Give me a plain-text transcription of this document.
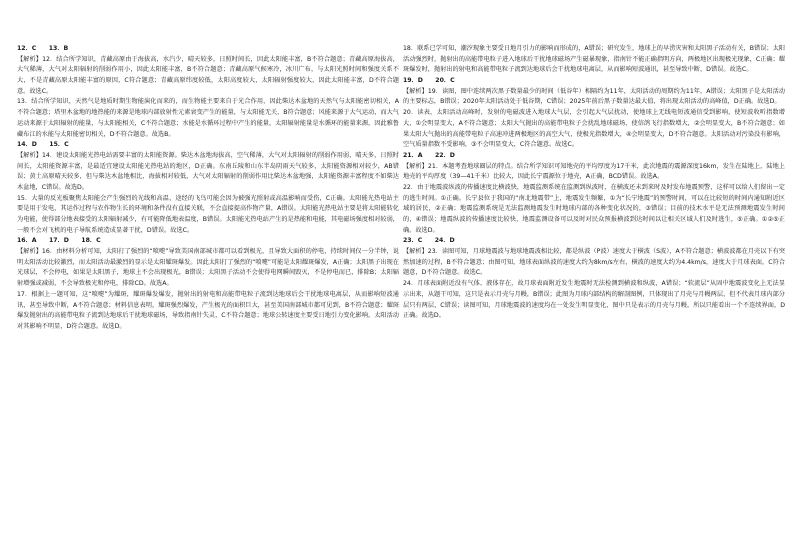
12．C　　13．B

【解析】12．结合所学知识，青藏高原由于海拔高，水汽少，晴天较多，日照时间长，因此太阳能丰富，B不符合题意；青藏高原海拔高，大气稀薄，大气对太阳辐射的削弱作用小，因此太阳能丰富，B不符合题意；青藏高原气候寒冷，冰川广布，与太阳光照时间和强度关系不大，不是青藏高原太阳能丰富的原因，C符合题意；青藏高原纬度较低，太阳高度较大，太阳辐射强度较大，因此太阳能丰富，D不符合题意。故选C。

13．结合所学知识，天然气是地质时期生物能演化而来的，而生物能主要来自于光合作用，因此柴达木盆地的天然气与太阳能密切相关，A不符合题意；塔里木盆地的地热能的来源是地球内部放射性元素衰变产生的能量，与太阳能无关，B符合题意；风能来源于大气运动，而大气运动来源于太阳辐射的能量，与太阳能相关，C不符合题意；水能是水循环过程中产生的能量，太阳辐射能量是水循环的能量来源，因此雅鲁藏布江的水能与太阳能密切相关，D不符合题意。故选B。

14．D　　15．C

【解析】14．建设太阳能光热电站需要丰富的太阳能资源。柴达木盆地海拔高，空气稀薄，大气对太阳辐射的削弱作用弱，晴天多，日照时间长，太阳能资源丰富，是最适宜建设太阳能光热电站的地区，D正确。东南丘陵和山东半岛阴雨天气较多，太阳能资源相对较少，AB错误；黄土高原晴天较多，但与柴达木盆地相比，海拔相对较低，大气对太阳辐射的削弱作用比柴达木盆地强，太阳能资源丰富程度不如柴达木盆地，C错误。故选D。

15．大量的反光板聚焦太阳能会产生强烈的光线和高温，途经的飞鸟可能会因为被强光照射或高温影响而受伤，C正确。太阳能光热电站主要是用于发电，其运作过程与农作物生长的环境和条件没有直接关联，不会直接提高作物产量，A错误。太阳能光热电站主要是将太阳能转化为电能，使得部分地表接受的太阳辐射减少，有可能降低地表温度，B错误。太阳能光热电站产生的是热能和电能，其电磁场强度相对较弱，一般不会对飞机的电子导航系统造成显著干扰，D错误。故选C。

16．A　　17．D　　18．C

【解析】16．由材料分析可知，太阳打了强烈的“喷嚏”导致美国南部城市都可以看到极光，且导致大面积的停电，持续时间仅一分半钟，说明太阳活动比较激烈，而太阳活动最激烈的显示是太阳耀斑爆发。因此太阳打了强烈的“喷嚏”可能是太阳耀斑爆发，A正确；太阳黑子出现在光球层，不会停电，如果是太阳黑子，地球上不会出现极光，B错误；太阳黑子活动不会使得电网瞬间毁灭，不是停电而已，排除B；太阳辐射增强或减弱，不会导致极光和停电，排除CD。故选A。

17．根据上一题可知，这“喷嚏”为耀斑，耀斑爆发爆发，抛射出的射电和高能带电粒子流到达地球后会干扰地球电离层，从而影响短波通讯，甚至导致中断，A不符合题意；材料信息表明，耀斑强烈爆发，产生极光的面积巨大，甚至美国南部城市都可见到，B不符合题意；耀斑爆发抛射出的高能带电粒子流到达地球后干扰地球磁场，导致指南针失灵，C不符合题意；地球公转速度主要受日地引力变化影响，太阳活动对其影响不明显，D符合题意。故选D。

18．联系已学可知，潮汐现象主要受日地月引力的影响而形成的，A错误；研究发生，地球上的早涝灾害和太阳黑子活动有关，B错误；太阳活动强烈时，抛射出的高能带电粒子进入地球后干扰地球磁场产生磁暴现象，指南针不能正确指明方向，两极地区出现极光现象，C正确；耀斑爆发时，抛射出的射电和高能带电粒子流到达地球后会干扰地球电离层，从而影响短波通讯，甚至导致中断，D错误。故选C。

19．D　　20．C

【解析】19．读图，图中连续两次黑子数量最少的时间（低谷年）相隔约为11年，太阳活动的周期约为11年，A错误；太阳黑子是太阳活动的主要标志，B错误；2020年太阳活动处于低谷期，C错误；2025年前后黑子数量达最大值，将出现太阳活动的高峰值，D正确。故选D。

20．读表，太阳活动高峰时，发射的电磁波进入地球大气层，会引起大气层扰动，使地球上无线电短波通信受到影响，使短波收听指数增大，①会明显变大，A不符合题意；太阳大气抛出的高能带电粒子会扰乱地球磁场，使信鸽飞行指数增大，②会明显变大，B不符合题意；如果太阳大气抛出的高能带电粒子高速冲进两极地区的高空大气，使极光指数增大，④会明显变大，D不符合题意。太阳活动对污染没有影响，空气质量指数不受影响，③不会明显变大，C符合题意。故选C。

21．A　　22．D

【解析】21．本题考查地球圈层的特点。结合所学知识可知地壳的平均厚度为17千米，此次地震的震源深度16km，发生在陆地上，陆地上地壳的平均厚度（39—41千米）比较大，因此长宁震源位于地壳，A正确，BCD错误。故选A。

22．由于地震波纵波的传播速度比横波快，地震监测系统在监测到纵波时，在横波还未到来时及时发布地震预警，这样可以给人们留出一定的逃生时间。①正确。长宁县位于我国的“南北地震带”上，地震发生频繁，①为“长宁地震”的预警时间，可以在比较短的时间内通知附近区域的居民，②正确；地震监测系统是无法监测地震发生时地球内部的各种变化状况的，③错误；目前的技术水平是无法预测地震发生时间的，④错误；地震纵波的传播速度比较快，地震监测设备可以及时对民众预报横波到达时间以让相关区域人们及时逃生，⑤正确。①②⑤正确。故选D。

23．C　　24．D

【解析】23．读图可知，月球地震波与地球地震波相比较，都是纵波（P波）速度大于横波（S波），A不符合题意；横波波都在月壳以下有突然加速的过程，B不符合题意；由图可知，地球表面纵波的速度大约为8km/s左右，横波的速度大约为4.4km/s，速度大于月球表面，C符合题意，D不符合题意。故选C。

24．月球表面附近没有气体、液体存在，故月球表面附近发生地震时无法检测到横波和纵波，A错误；“软流层”从固中地震波变化上无法显示出来，从题干可知，这只是表示月壳与月幔，B错误；此图为月球内部结构的解剖图例，只体现出了月壳与月幔两层，但不代表月球内部分层只有两层，C错误；读图可知，月球地震波的速度均在一处发生明显变化，图中只是表示的月壳与月幔，所以只能看出一个不连续界面，D正确。故选D。
